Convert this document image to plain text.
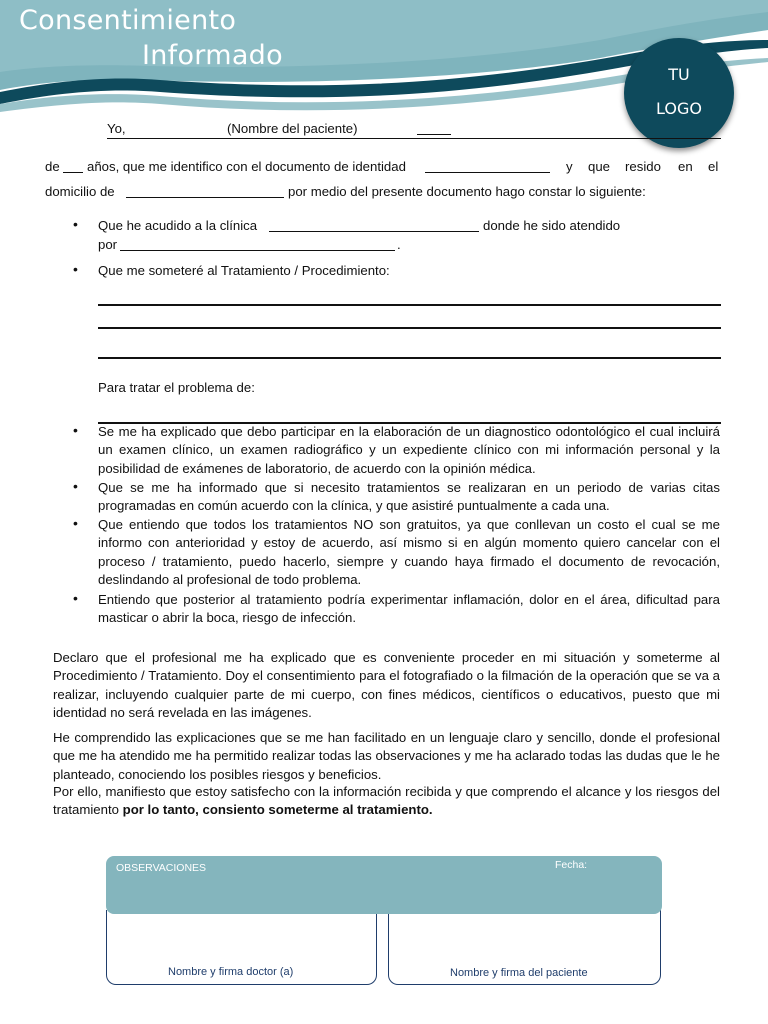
Consentimiento
Informado
TU
LOGO
Yo,	(Nombre del paciente)
de años, que me identifico con el documento de identidad	y que resido en el
domicilio de	por medio del presente documento hago constar lo siguiente:
• Que he acudido a la clínica	donde he sido atendido
por	.
• Que me someteré al Tratamiento / Procedimiento:
Para tratar el problema de:
• Se me ha explicado que debo participar en la elaboración de un diagnostico odontológico el cual incluirá un examen clínico, un examen radiográfico y un expediente clínico con mi información personal y la posibilidad de exámenes de laboratorio, de acuerdo con la opinión médica.
• Que se me ha informado que si necesito tratamientos se realizaran en un periodo de varias citas programadas en común acuerdo con la clínica, y que asistiré puntualmente a cada una.
• Que entiendo que todos los tratamientos NO son gratuitos, ya que conllevan un costo el cual se me informo con anterioridad y estoy de acuerdo, así mismo si en algún momento quiero cancelar con el proceso / tratamiento, puedo hacerlo, siempre y cuando haya firmado el documento de revocación, deslindando al profesional de todo problema.
• Entiendo que posterior al tratamiento podría experimentar inflamación, dolor en el área, dificultad para masticar o abrir la boca, riesgo de infección.
Declaro que el profesional me ha explicado que es conveniente proceder en mi situación y someterme al Procedimiento / Tratamiento. Doy el consentimiento para el fotografiado o la filmación de la operación que se va a realizar, incluyendo cualquier parte de mi cuerpo, con fines médicos, científicos o educativos, puesto que mi identidad no será revelada en las imágenes.
He comprendido las explicaciones que se me han facilitado en un lenguaje claro y sencillo, donde el profesional que me ha atendido me ha permitido realizar todas las observaciones y me ha aclarado todas las dudas que le he planteado, conociendo los posibles riesgos y beneficios.
Por ello, manifiesto que estoy satisfecho con la información recibida y que comprendo el alcance y los riesgos del tratamiento por lo tanto, consiento someterme al tratamiento.
OBSERVACIONES	Fecha:
Nombre y firma doctor (a)	Nombre y firma del paciente
